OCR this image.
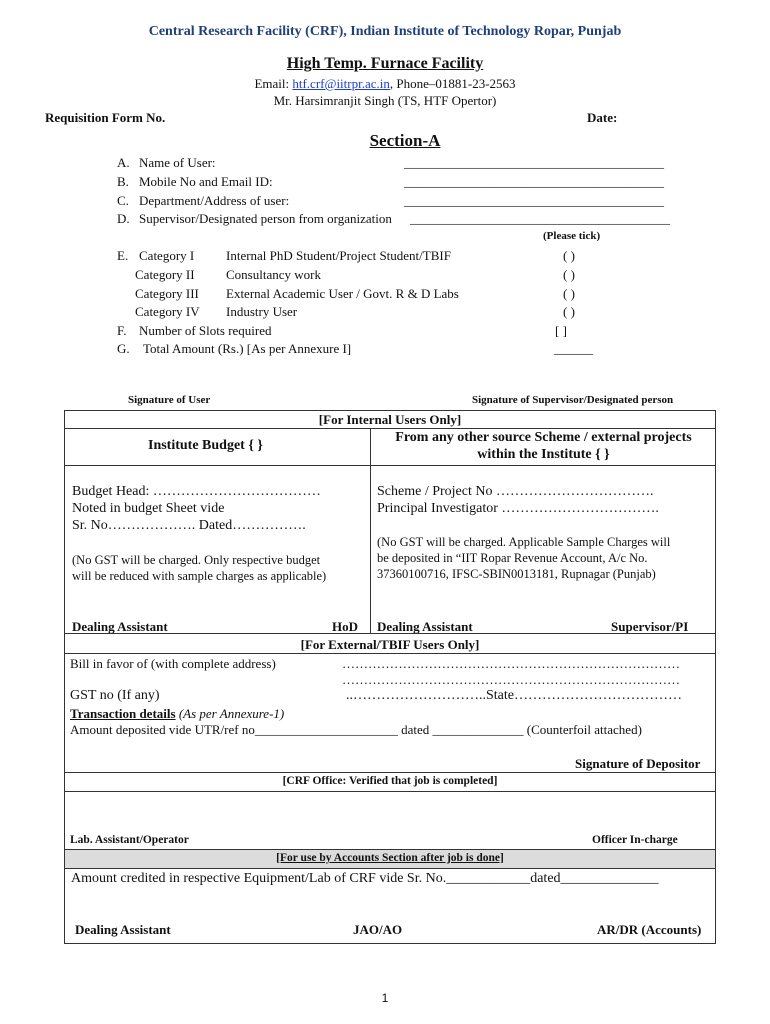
Central Research Facility (CRF), Indian Institute of Technology Ropar, Punjab
High Temp. Furnace Facility
Email: htf.crf@iitrpr.ac.in, Phone–01881-23-2563
Mr. Harsimranjit Singh (TS, HTF Opertor)
Requisition Form No.	Date:
Section-A
A. Name of User:	________________________________________
B. Mobile No and Email ID:	________________________________________
C. Department/Address of user:	________________________________________
D. Supervisor/Designated person from organization ________________________________________
(Please tick)
E. Category I Internal PhD Student/Project Student/TBIF	( )
Category II Consultancy work	( )
Category III External Academic User / Govt. R & D Labs	( )
Category IV Industry User	( )
F. Number of Slots required	[ ]
G. Total Amount (Rs.) [As per Annexure I]	______
Signature of User	Signature of Supervisor/Designated person
[For Internal Users Only]
Institute Budget { }
From any other source Scheme / external projects
within the Institute { }
Budget Head: ………………………………
Noted in budget Sheet vide
Sr. No………………. Dated…………….
(No GST will be charged. Only respective budget
will be reduced with sample charges as applicable)
Scheme / Project No …………………………….
Principal Investigator …………………………….
(No GST will be charged. Applicable Sample Charges will
be deposited in “IIT Ropar Revenue Account, A/c No.
37360100716, IFSC-SBIN0013181, Rupnagar (Punjab)
Dealing Assistant	HoD Dealing Assistant	Supervisor/PI
[For External/TBIF Users Only]
Bill in favor of (with complete address)	……………………………………………………………………
……………………………………………………………………
GST no (If any)	..………………………..State………………………………
Transaction details (As per Annexure-1)
Amount deposited vide UTR/ref no______________________ dated ______________ (Counterfoil attached)
Signature of Depositor
[CRF Office: Verified that job is completed]
Lab. Assistant/Operator	Officer In-charge
[For use by Accounts Section after job is done]
Amount credited in respective Equipment/Lab of CRF vide Sr. No.____________dated______________
Dealing Assistant	JAO/AO	AR/DR (Accounts)
1
